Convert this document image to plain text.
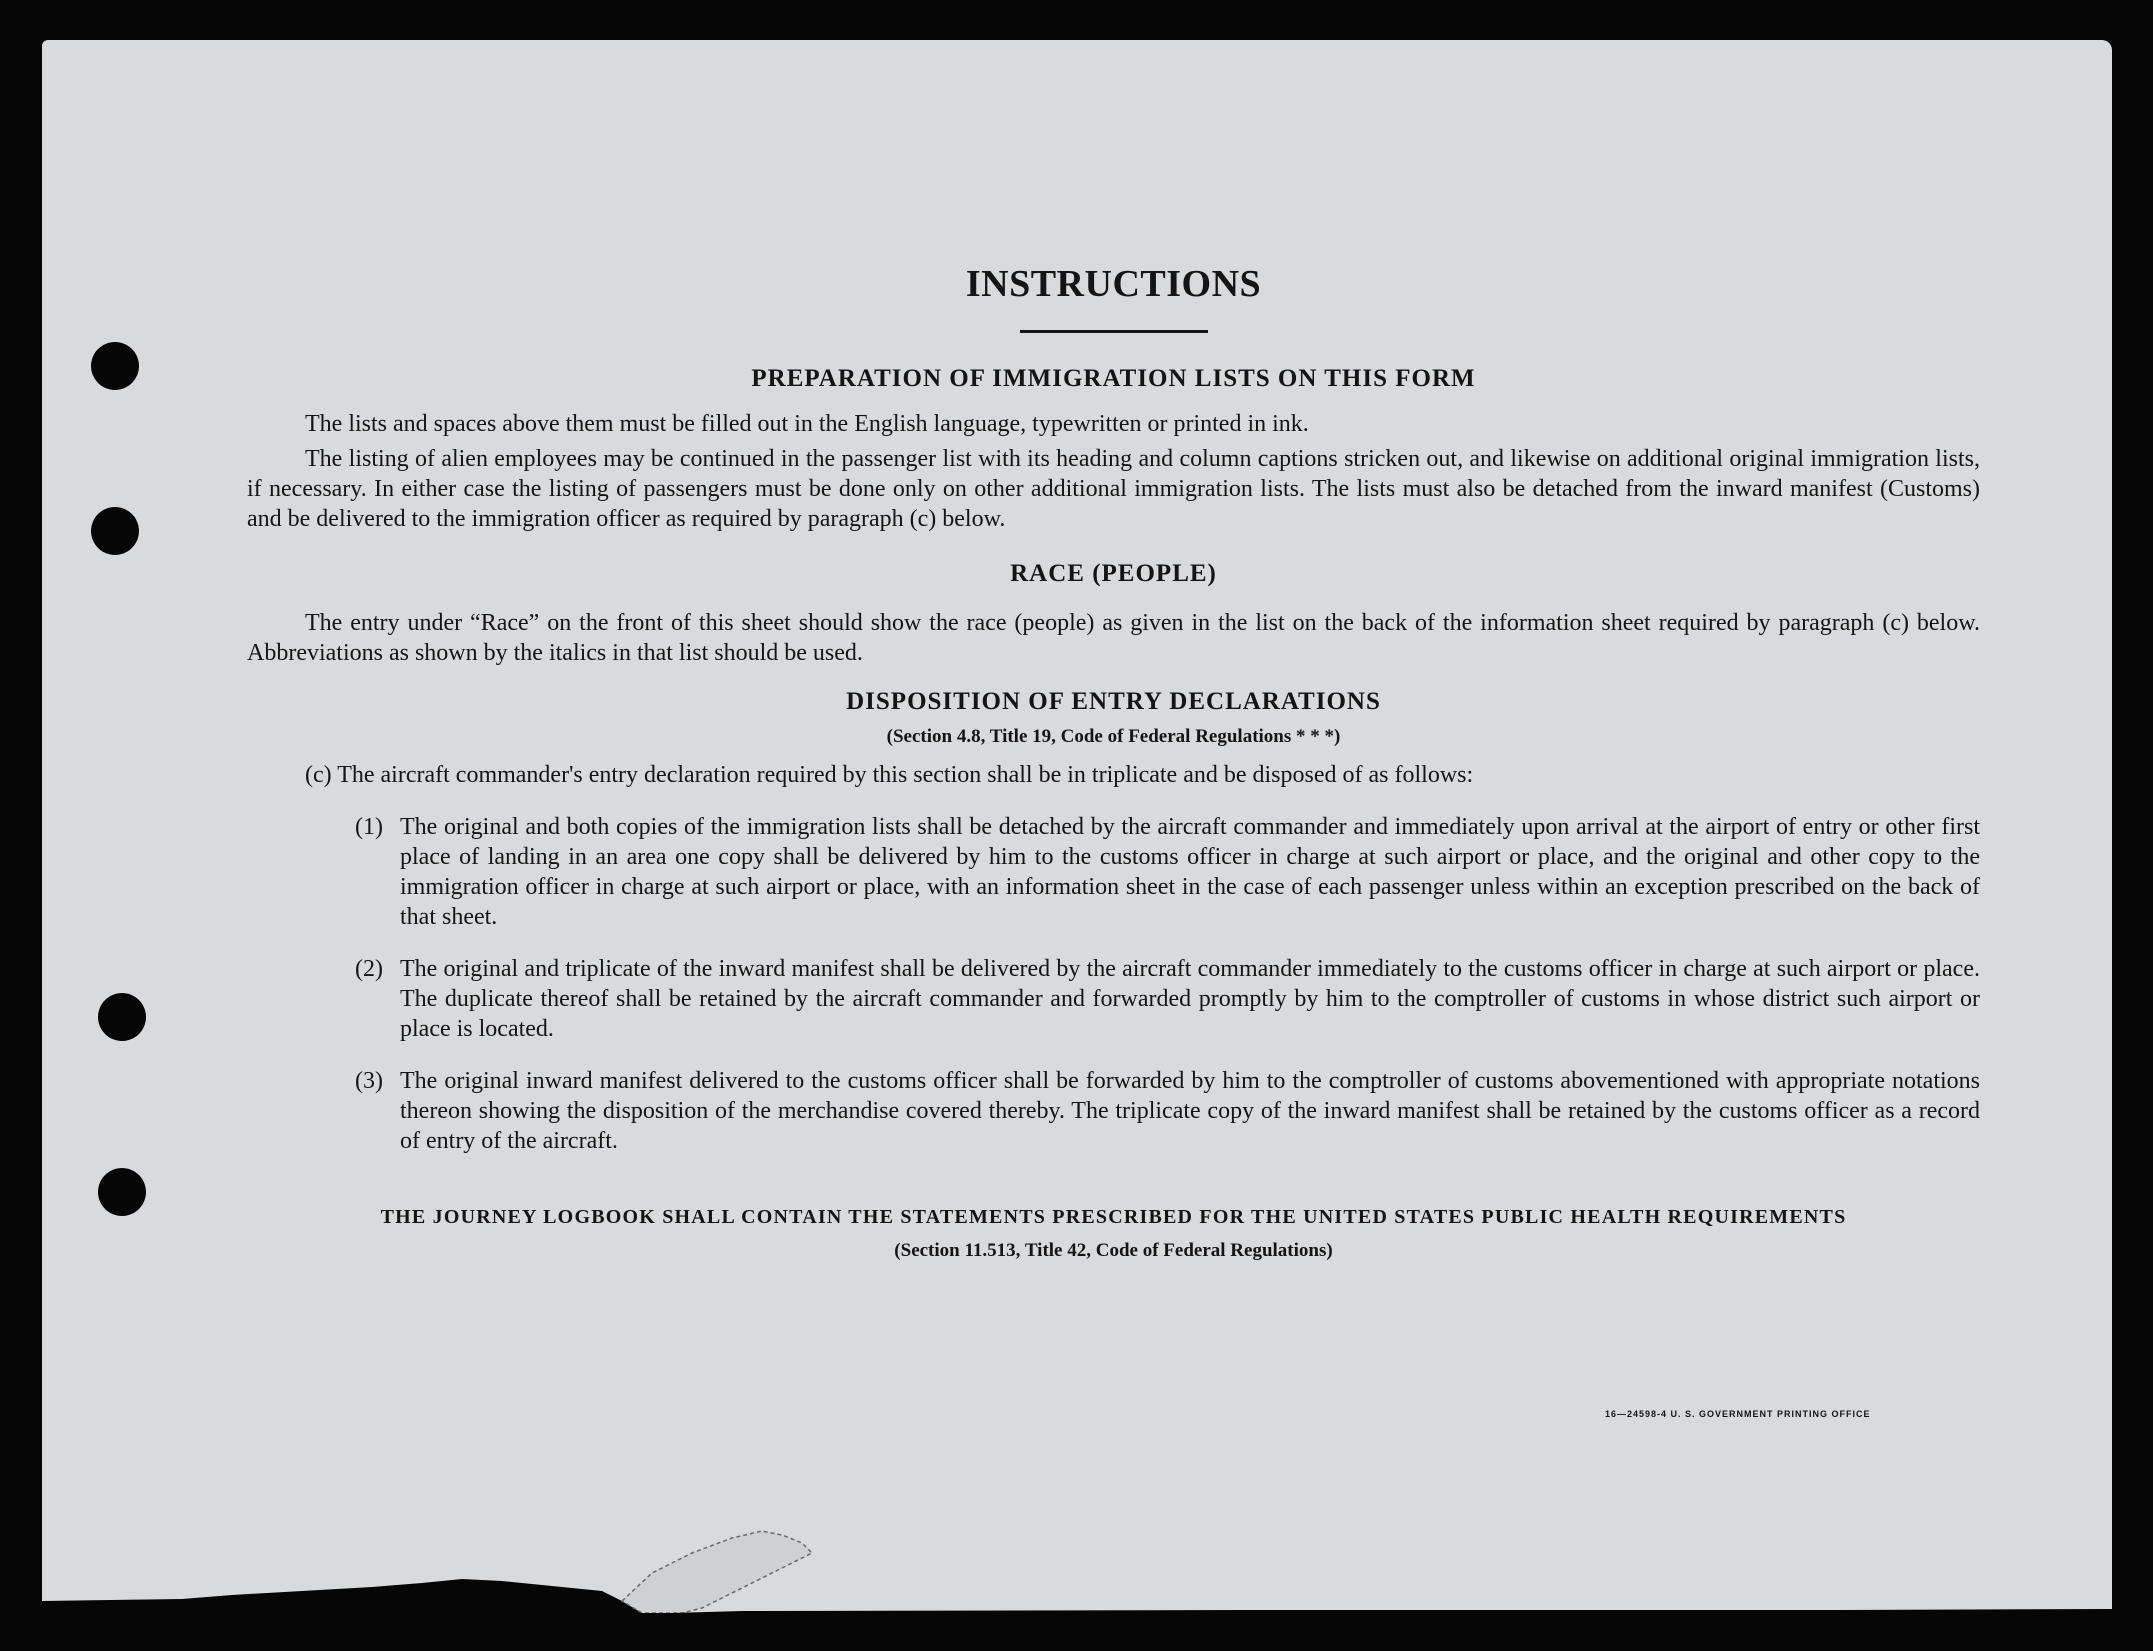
16—24598-4 U. S. GOVERNMENT PRINTING OFFICE
INSTRUCTIONS
PREPARATION OF IMMIGRATION LISTS ON THIS FORM

The lists and spaces above them must be filled out in the English language, typewritten or printed in ink.

The listing of alien employees may be continued in the passenger list with its heading and column captions stricken out, and likewise on additional original immigration lists, if necessary. In either case the listing of passengers must be done only on other additional immigration lists. The lists must also be detached from the inward manifest (Customs) and be delivered to the immigration officer as required by paragraph (c) below.

RACE (PEOPLE)

The entry under “Race” on the front of this sheet should show the race (people) as given in the list on the back of the information sheet required by paragraph (c) below. Abbreviations as shown by the italics in that list should be used.

DISPOSITION OF ENTRY DECLARATIONS

(Section 4.8, Title 19, Code of Federal Regulations * * *)

(c) The aircraft commander's entry declaration required by this section shall be in triplicate and be disposed of as follows:

(1) The original and both copies of the immigration lists shall be detached by the aircraft commander and immediately upon arrival at the airport of entry or other first place of landing in an area one copy shall be delivered by him to the customs officer in charge at such airport or place, and the original and other copy to the immigration officer in charge at such airport or place, with an information sheet in the case of each passenger unless within an exception prescribed on the back of that sheet.
(2) The original and triplicate of the inward manifest shall be delivered by the aircraft commander immediately to the customs officer in charge at such airport or place. The duplicate thereof shall be retained by the aircraft commander and forwarded promptly by him to the comptroller of customs in whose district such airport or place is located.
(3) The original inward manifest delivered to the customs officer shall be forwarded by him to the comptroller of customs abovementioned with appropriate notations thereon showing the disposition of the merchandise covered thereby. The triplicate copy of the inward manifest shall be retained by the customs officer as a record of entry of the aircraft.

THE JOURNEY LOGBOOK SHALL CONTAIN THE STATEMENTS PRESCRIBED FOR THE UNITED STATES PUBLIC HEALTH REQUIREMENTS

(Section 11.513, Title 42, Code of Federal Regulations)
